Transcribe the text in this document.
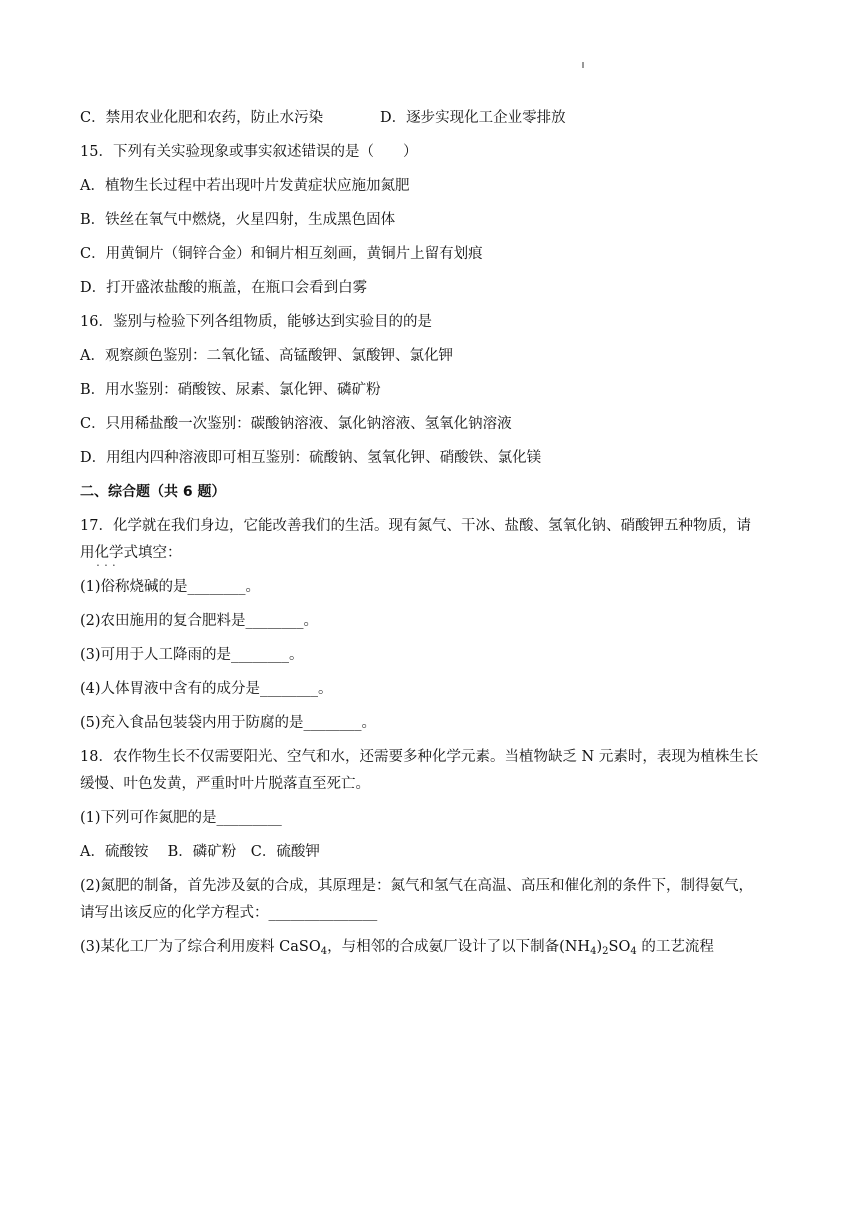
C．禁用农业化肥和农药，防止水污染	D．逐步实现化工企业零排放
15．下列有关实验现象或事实叙述错误的是（　　）
A．植物生长过程中若出现叶片发黄症状应施加氮肥
B．铁丝在氧气中燃烧，火星四射，生成黑色固体
C．用黄铜片（铜锌合金）和铜片相互刻画，黄铜片上留有划痕
D．打开盛浓盐酸的瓶盖，在瓶口会看到白雾
16．鉴别与检验下列各组物质，能够达到实验目的的是
A．观察颜色鉴别：二氧化锰、高锰酸钾、氯酸钾、氯化钾
B．用水鉴别：硝酸铵、尿素、氯化钾、磷矿粉
C．只用稀盐酸一次鉴别：碳酸钠溶液、氯化钠溶液、氢氧化钠溶液
D．用组内四种溶液即可相互鉴别：硫酸钠、氢氧化钾、硝酸铁、氯化镁
二、综合题（共 6 题）
17．化学就在我们身边，它能改善我们的生活。现有氮气、干冰、盐酸、氢氧化钠、硝酸钾五种物质，请
用化学式 • • •填空：
(1)俗称烧碱的是________。
(2)农田施用的复合肥料是________。
(3)可用于人工降雨的是________。
(4)人体胃液中含有的成分是________。
(5)充入食品包装袋内用于防腐的是________。
18．农作物生长不仅需要阳光、空气和水，还需要多种化学元素。当植物缺乏 N 元素时，表现为植株生长
缓慢、叶色发黄，严重时叶片脱落直至死亡。
(1)下列可作氮肥的是_________
A．硫酸铵　 B．磷矿粉　C．硫酸钾
(2)氮肥的制备，首先涉及氨的合成，其原理是：氮气和氢气在高温、高压和催化剂的条件下，制得氨气，
请写出该反应的化学方程式：_______________
(3)某化工厂为了综合利用废料 CaSO$_4$，与相邻的合成氨厂设计了以下制备$(NH_4)_2SO_4$ 的工艺流程
